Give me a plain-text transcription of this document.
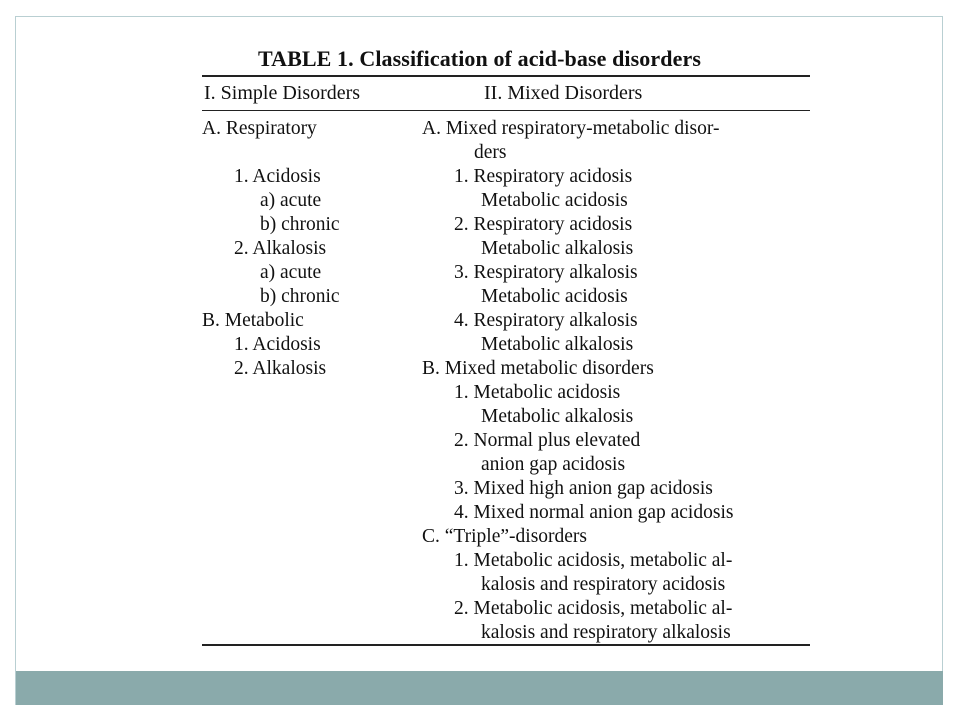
TABLE 1. Classification of acid-base disorders
I. Simple Disorders	II. Mixed Disorders
A. Respiratory
1. Acidosis
a) acute
b) chronic
2. Alkalosis
a) acute
b) chronic
B. Metabolic
1. Acidosis
2. Alkalosis
A. Mixed respiratory-metabolic disor-
ders
1. Respiratory acidosis
Metabolic acidosis
2. Respiratory acidosis
Metabolic alkalosis
3. Respiratory alkalosis
Metabolic acidosis
4. Respiratory alkalosis
Metabolic alkalosis
B. Mixed metabolic disorders
1. Metabolic acidosis
Metabolic alkalosis
2. Normal plus elevated
anion gap acidosis
3. Mixed high anion gap acidosis
4. Mixed normal anion gap acidosis
C. “Triple”-disorders
1. Metabolic acidosis, metabolic al-
kalosis and respiratory acidosis
2. Metabolic acidosis, metabolic al-
kalosis and respiratory alkalosis
